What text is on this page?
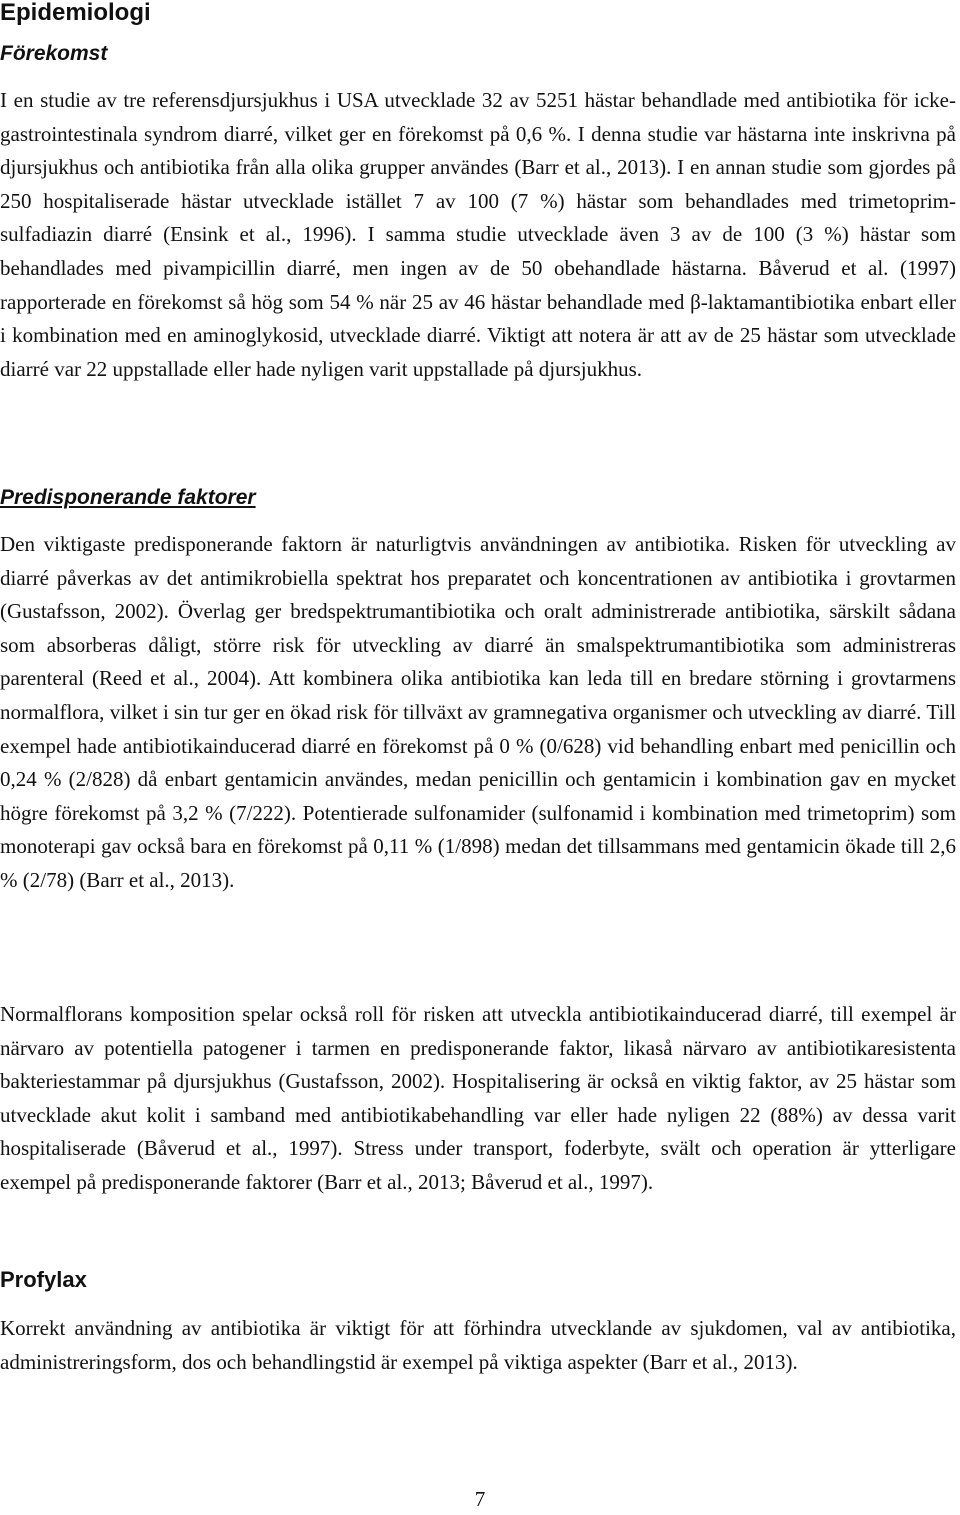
Epidemiologi
Förekomst

I en studie av tre referensdjursjukhus i USA utvecklade 32 av 5251 hästar behandlade med antibiotika för icke-gastrointestinala syndrom diarré, vilket ger en förekomst på 0,6 %. I denna studie var hästarna inte inskrivna på djursjukhus och antibiotika från alla olika grupper användes (Barr et al., 2013). I en annan studie som gjordes på 250 hospitaliserade hästar utvecklade istället 7 av 100 (7 %) hästar som behandlades med trimetoprim-sulfadiazin diarré (Ensink et al., 1996). I samma studie utvecklade även 3 av de 100 (3 %) hästar som behandlades med pivampicillin diarré, men ingen av de 50 obehandlade hästarna. Båverud et al. (1997) rapporterade en förekomst så hög som 54 % när 25 av 46 hästar behandlade med β-laktamantibiotika enbart eller i kombination med en aminoglykosid, utvecklade diarré. Viktigt att notera är att av de 25 hästar som utvecklade diarré var 22 uppstallade eller hade nyligen varit uppstallade på djursjukhus.

Predisponerande faktorer

Den viktigaste predisponerande faktorn är naturligtvis användningen av antibiotika. Risken för utveckling av diarré påverkas av det antimikrobiella spektrat hos preparatet och koncentrationen av antibiotika i grovtarmen (Gustafsson, 2002). Överlag ger bredspektrumantibiotika och oralt administrerade antibiotika, särskilt sådana som absorberas dåligt, större risk för utveckling av diarré än smalspektrumantibiotika som administreras parenteral (Reed et al., 2004). Att kombinera olika antibiotika kan leda till en bredare störning i grovtarmens normalflora, vilket i sin tur ger en ökad risk för tillväxt av gramnegativa organismer och utveckling av diarré. Till exempel hade antibiotikainducerad diarré en förekomst på 0 % (0/628) vid behandling enbart med penicillin och 0,24 % (2/828) då enbart gentamicin användes, medan penicillin och gentamicin i kombination gav en mycket högre förekomst på 3,2 % (7/222). Potentierade sulfonamider (sulfonamid i kombination med trimetoprim) som monoterapi gav också bara en förekomst på 0,11 % (1/898) medan det tillsammans med gentamicin ökade till 2,6 % (2/78) (Barr et al., 2013).

Normalflorans komposition spelar också roll för risken att utveckla antibiotikainducerad diarré, till exempel är närvaro av potentiella patogener i tarmen en predisponerande faktor, likaså närvaro av antibiotikaresistenta bakteriestammar på djursjukhus (Gustafsson, 2002). Hospitalisering är också en viktig faktor, av 25 hästar som utvecklade akut kolit i samband med antibiotikabehandling var eller hade nyligen 22 (88%) av dessa varit hospitaliserade (Båverud et al., 1997). Stress under transport, foderbyte, svält och operation är ytterligare exempel på predisponerande faktorer (Barr et al., 2013; Båverud et al., 1997).

Profylax

Korrekt användning av antibiotika är viktigt för att förhindra utvecklande av sjukdomen, val av antibiotika, administreringsform, dos och behandlingstid är exempel på viktiga aspekter (Barr et al., 2013).

7
